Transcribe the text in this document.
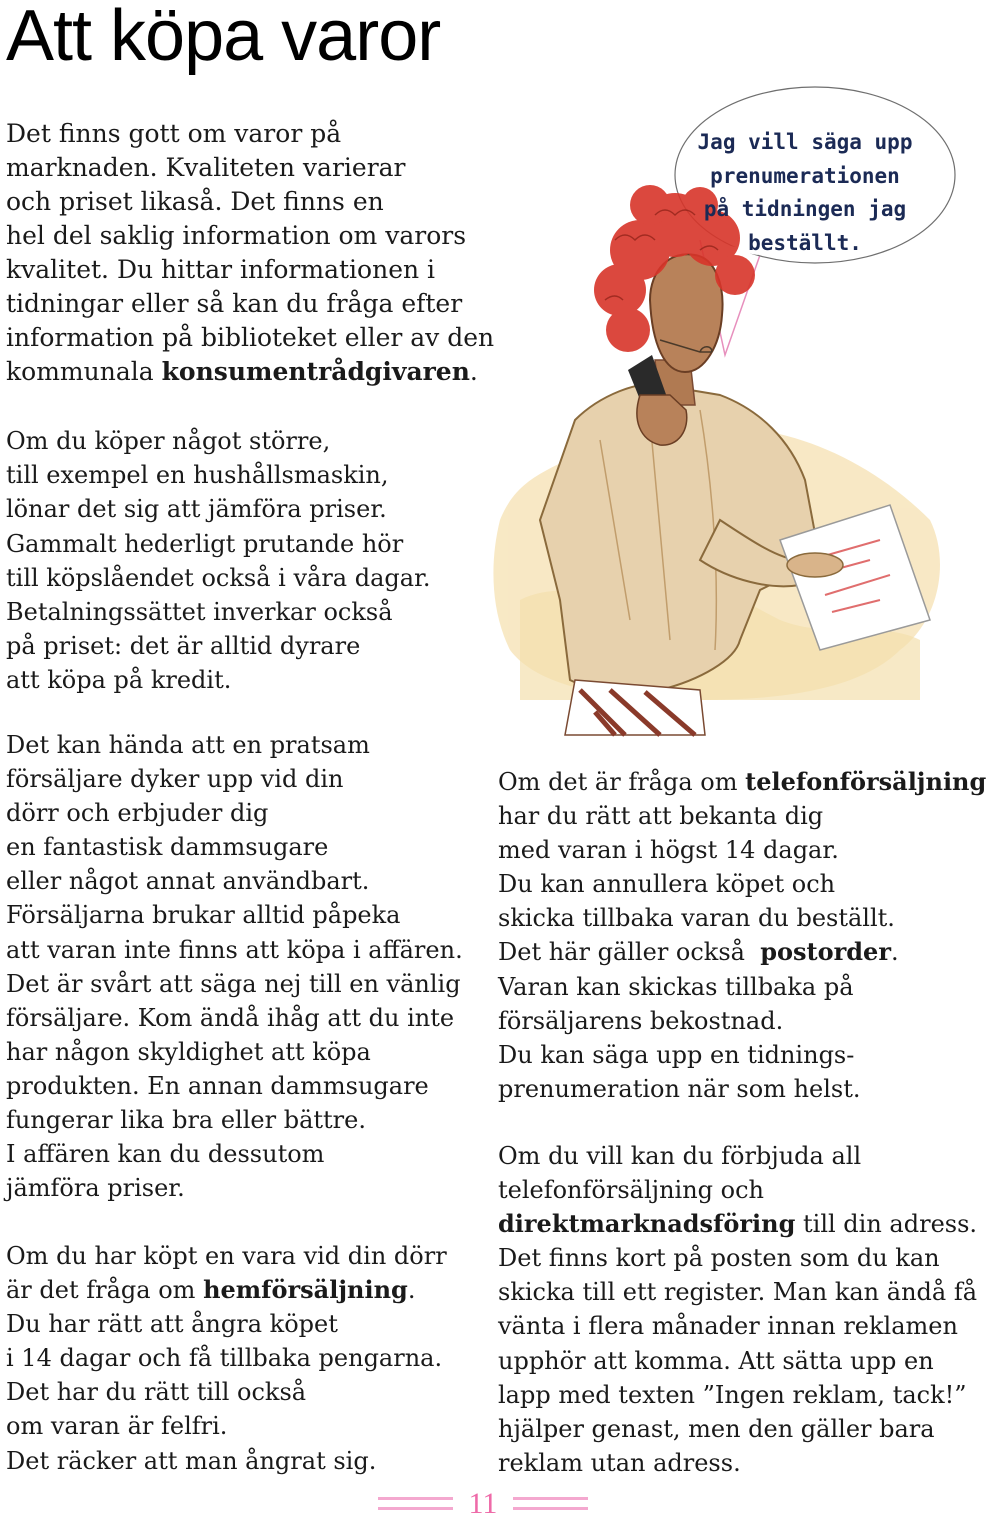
Att köpa varor
Det finns gott om varor på
marknaden. Kvaliteten varierar
och priset likaså. Det finns en
hel del saklig information om varors
kvalitet. Du hittar informationen i
tidningar eller så kan du fråga efter
information på biblioteket eller av den
kommunala konsumentrådgivaren.
Om du köper något större,
till exempel en hushållsmaskin,
lönar det sig att jämföra priser.
Gammalt hederligt prutande hör
till köpslåendet också i våra dagar.
Betalningssättet inverkar också
på priset: det är alltid dyrare
att köpa på kredit.
Det kan hända att en pratsam
försäljare dyker upp vid din
dörr och erbjuder dig
en fantastisk dammsugare
eller något annat användbart.
Försäljarna brukar alltid påpeka
att varan inte finns att köpa i affären.
Det är svårt att säga nej till en vänlig
försäljare. Kom ändå ihåg att du inte
har någon skyldighet att köpa
produkten. En annan dammsugare
fungerar lika bra eller bättre.
I affären kan du dessutom
jämföra priser.
Om du har köpt en vara vid din dörr
är det fråga om hemförsäljning.
Du har rätt att ångra köpet
i 14 dagar och få tillbaka pengarna.
Det har du rätt till också
om varan är felfri.
Det räcker att man ångrat sig.
Om det är fråga om telefonförsäljning
har du rätt att bekanta dig
med varan i högst 14 dagar.
Du kan annullera köpet och
skicka tillbaka varan du beställt.
Det här gäller också  postorder.
Varan kan skickas tillbaka på
försäljarens bekostnad.
Du kan säga upp en tidnings-
prenumeration när som helst.
Om du vill kan du förbjuda all
telefonförsäljning och
direktmarknadsföring till din adress.
Det finns kort på posten som du kan
skicka till ett register. Man kan ändå få
vänta i flera månader innan reklamen
upphör att komma. Att sätta upp en
lapp med texten ”Ingen reklam, tack!”
hjälper genast, men den gäller bara
reklam utan adress.
Jag vill säga upp
prenumerationen
på tidningen jag
beställt.
11
